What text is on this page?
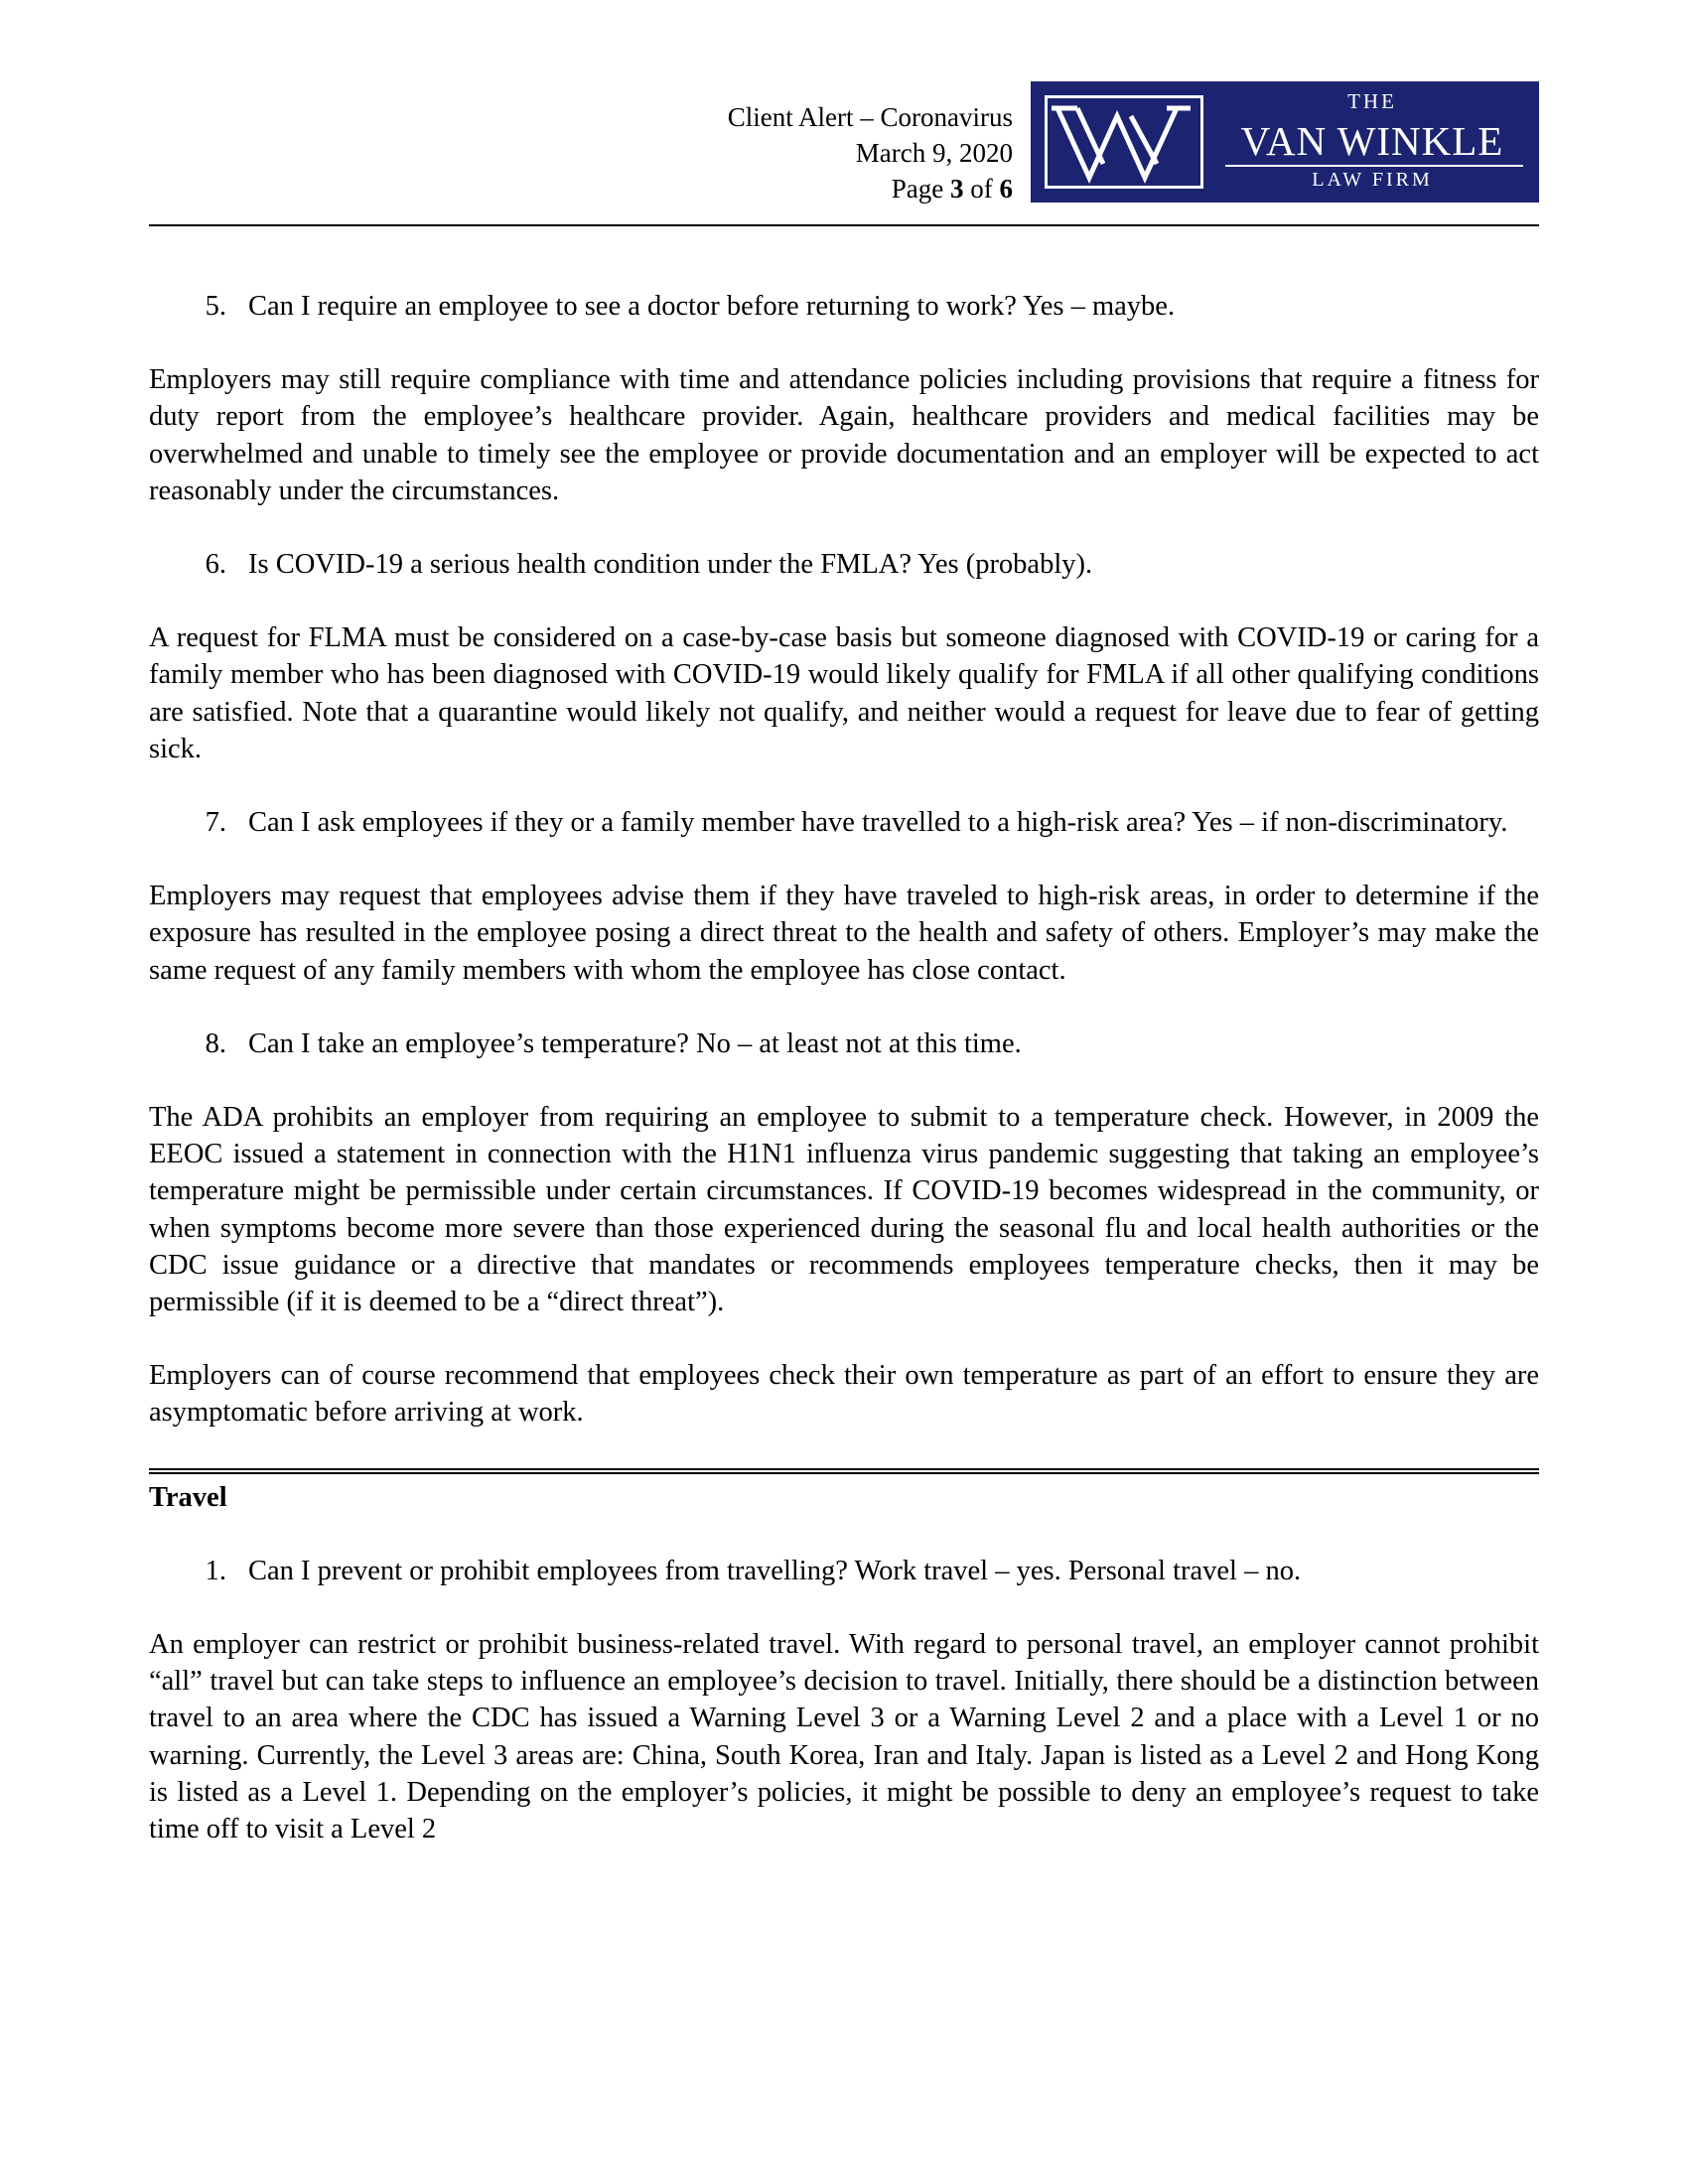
Client Alert – Coronavirus
March 9, 2020
Page 3 of 6
THE
VAN WINKLE
LAW FIRM
5. Can I require an employee to see a doctor before returning to work? Yes – maybe.

Employers may still require compliance with time and attendance policies including provisions that require a fitness for duty report from the employee’s healthcare provider. Again, healthcare providers and medical facilities may be overwhelmed and unable to timely see the employee or provide documentation and an employer will be expected to act reasonably under the circumstances.

6. Is COVID-19 a serious health condition under the FMLA? Yes (probably).

A request for FLMA must be considered on a case-by-case basis but someone diagnosed with COVID-19 or caring for a family member who has been diagnosed with COVID-19 would likely qualify for FMLA if all other qualifying conditions are satisfied. Note that a quarantine would likely not qualify, and neither would a request for leave due to fear of getting sick.

7. Can I ask employees if they or a family member have travelled to a high-risk area? Yes – if non-discriminatory.

Employers may request that employees advise them if they have traveled to high-risk areas, in order to determine if the exposure has resulted in the employee posing a direct threat to the health and safety of others. Employer’s may make the same request of any family members with whom the employee has close contact.

8. Can I take an employee’s temperature? No – at least not at this time.

The ADA prohibits an employer from requiring an employee to submit to a temperature check. However, in 2009 the EEOC issued a statement in connection with the H1N1 influenza virus pandemic suggesting that taking an employee’s temperature might be permissible under certain circumstances. If COVID-19 becomes widespread in the community, or when symptoms become more severe than those experienced during the seasonal flu and local health authorities or the CDC issue guidance or a directive that mandates or recommends employees temperature checks, then it may be permissible (if it is deemed to be a “direct threat”).

Employers can of course recommend that employees check their own temperature as part of an effort to ensure they are asymptomatic before arriving at work.

Travel
1. Can I prevent or prohibit employees from travelling? Work travel – yes. Personal travel – no.

An employer can restrict or prohibit business-related travel. With regard to personal travel, an employer cannot prohibit “all” travel but can take steps to influence an employee’s decision to travel. Initially, there should be a distinction between travel to an area where the CDC has issued a Warning Level 3 or a Warning Level 2 and a place with a Level 1 or no warning. Currently, the Level 3 areas are: China, South Korea, Iran and Italy. Japan is listed as a Level 2 and Hong Kong is listed as a Level 1. Depending on the employer’s policies, it might be possible to deny an employee’s request to take time off to visit a Level 2
